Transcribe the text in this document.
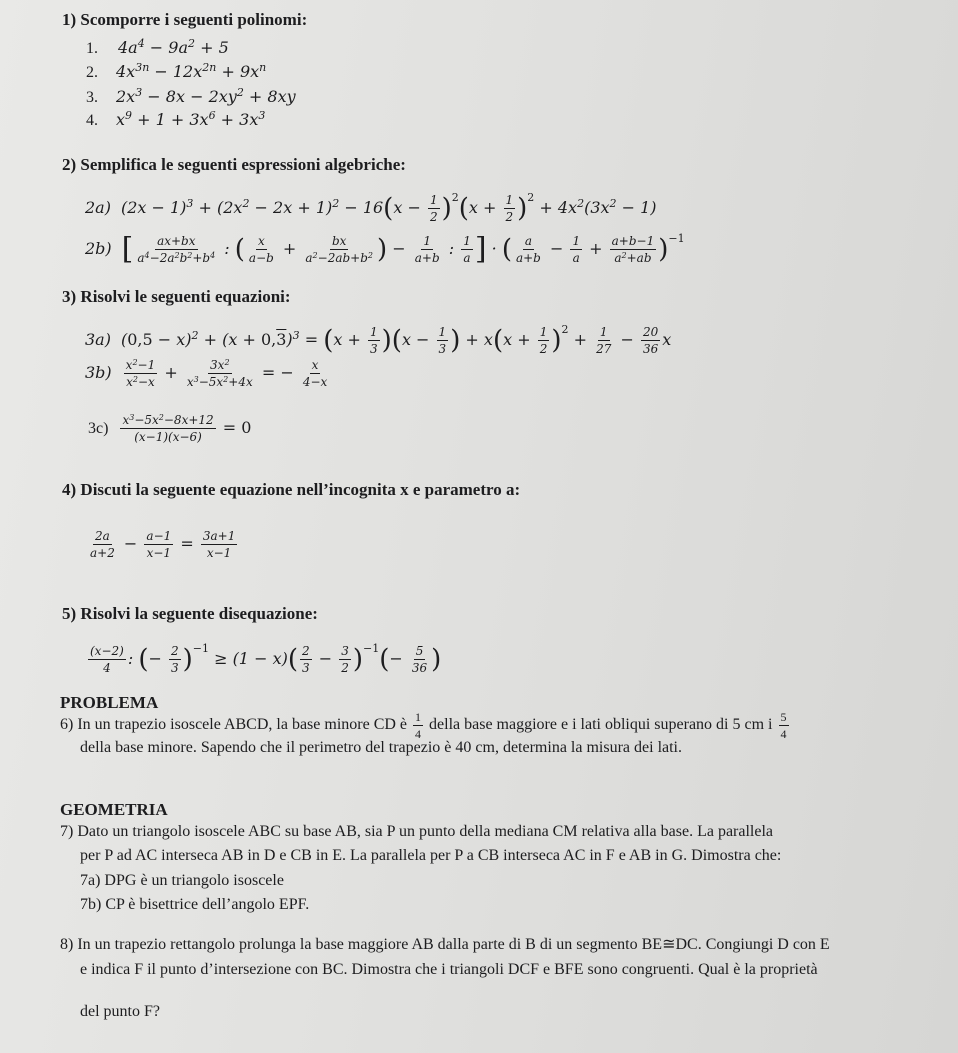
1) Scomporre i seguenti polinomi:
1. $4a^4 - 9a^2 + 5$
2. $4x^{3n} - 12x^{2n} + 9x^n$
3. $2x^3 - 8x - 2xy^2 + 8xy$
4. $x^9 + 1 + 3x^6 + 3x^3$
2) Semplifica le seguenti espressioni algebriche:
2a) $(2x - 1)^3 + (2x^2 - 2x + 1)^2 - 16(x - \frac{1}{2} )^2(x + \frac{1}{2} )^2 + 4x^2(3x^2 - 1)$
2b) [ $\frac{ax+bx}{a^4-2a^2b^2+b^4}$ : ( $\frac{x}{a-b} + \frac{bx}{a^2-2ab+b^2}$ ) − $\frac{1}{a+b}$ : $\frac{1}{a}$ ] · ( $\frac{a}{a+b} - \frac{1}{a} + \frac{a+b-1}{a^2+ab} )^{-1}$
3) Risolvi le seguenti equazioni:
3a) $(0,5 - x)^2 + (x + 0,3)^3 = (x + \frac{1}{3} )(x - \frac{1}{3}$ ) + $x(x + \frac{1}{2} )^2 + \frac{1}{27} - \frac{20}{36}$ x
$3b) \frac{x^2-1}{x^2-x} + \frac{3x^2}{x^3-5x^2+4x}$ = − $\frac{x}{4-x}$
$3c) \frac{x^3-5x^2-8x+12}{(x-1)(x-6)} = 0$
4) Discuti la seguente equazione nell’incognita x e parametro a:
$\frac{2a}{a+2} - \frac{a-1}{x-1} = \frac{3a+1}{x-1}$
5) Risolvi la seguente disequazione:
$\frac{(x-2)}{4}$ : (− $\frac{2}{3} )^{-1} \ge (1 - x)( \frac{2}{3} - \frac{3}{2} )^{-1}(- \frac{5}{36}$ )
PROBLEMA
6) In un trapezio isoscele ABCD, la base minore CD è $\frac{1}{4}$ della base maggiore e i lati obliqui superano di 5 cm i $\frac{5}{4}$
della base minore. Sapendo che il perimetro del trapezio è 40 cm, determina la misura dei lati.
GEOMETRIA
7) Dato un triangolo isoscele ABC su base AB, sia P un punto della mediana CM relativa alla base. La parallela
per P ad AC interseca AB in D e CB in E. La parallela per P a CB interseca AC in F e AB in G. Dimostra che:
7a) DPG è un triangolo isoscele
7b) CP è bisettrice dell’angolo EPF.
8) In un trapezio rettangolo prolunga la base maggiore AB dalla parte di B di un segmento BE≅DC. Congiungi D con E
e indica F il punto d’intersezione con BC. Dimostra che i triangoli DCF e BFE sono congruenti. Qual è la proprietà
del punto F?
